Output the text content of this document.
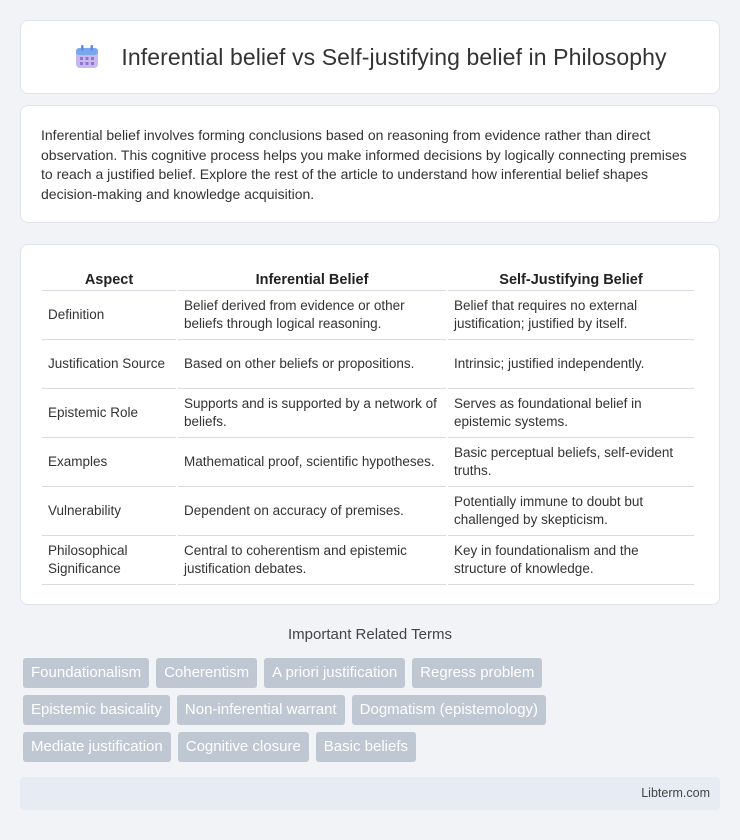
Inferential belief vs Self-justifying belief in Philosophy

Inferential belief involves forming conclusions based on reasoning from evidence rather than direct observation. This cognitive process helps you make informed decisions by logically connecting premises to reach a justified belief. Explore the rest of the article to understand how inferential belief shapes decision-making and knowledge acquisition.

Aspect	Inferential Belief	Self-Justifying Belief
Definition	Belief derived from evidence or other beliefs through logical reasoning.	Belief that requires no external justification; justified by itself.
Justification Source	Based on other beliefs or propositions.	Intrinsic; justified independently.
Epistemic Role	Supports and is supported by a network of beliefs.	Serves as foundational belief in epistemic systems.
Examples	Mathematical proof, scientific hypotheses.	Basic perceptual beliefs, self-evident truths.
Vulnerability	Dependent on accuracy of premises.	Potentially immune to doubt but challenged by skepticism.
Philosophical Significance	Central to coherentism and epistemic justification debates.	Key in foundationalism and the structure of knowledge.
Important Related Terms
Foundationalism	Coherentism	A priori justification	Regress problem
Epistemic basicality	Non-inferential warrant	Dogmatism (epistemology)
Mediate justification	Cognitive closure	Basic beliefs
Libterm.com
